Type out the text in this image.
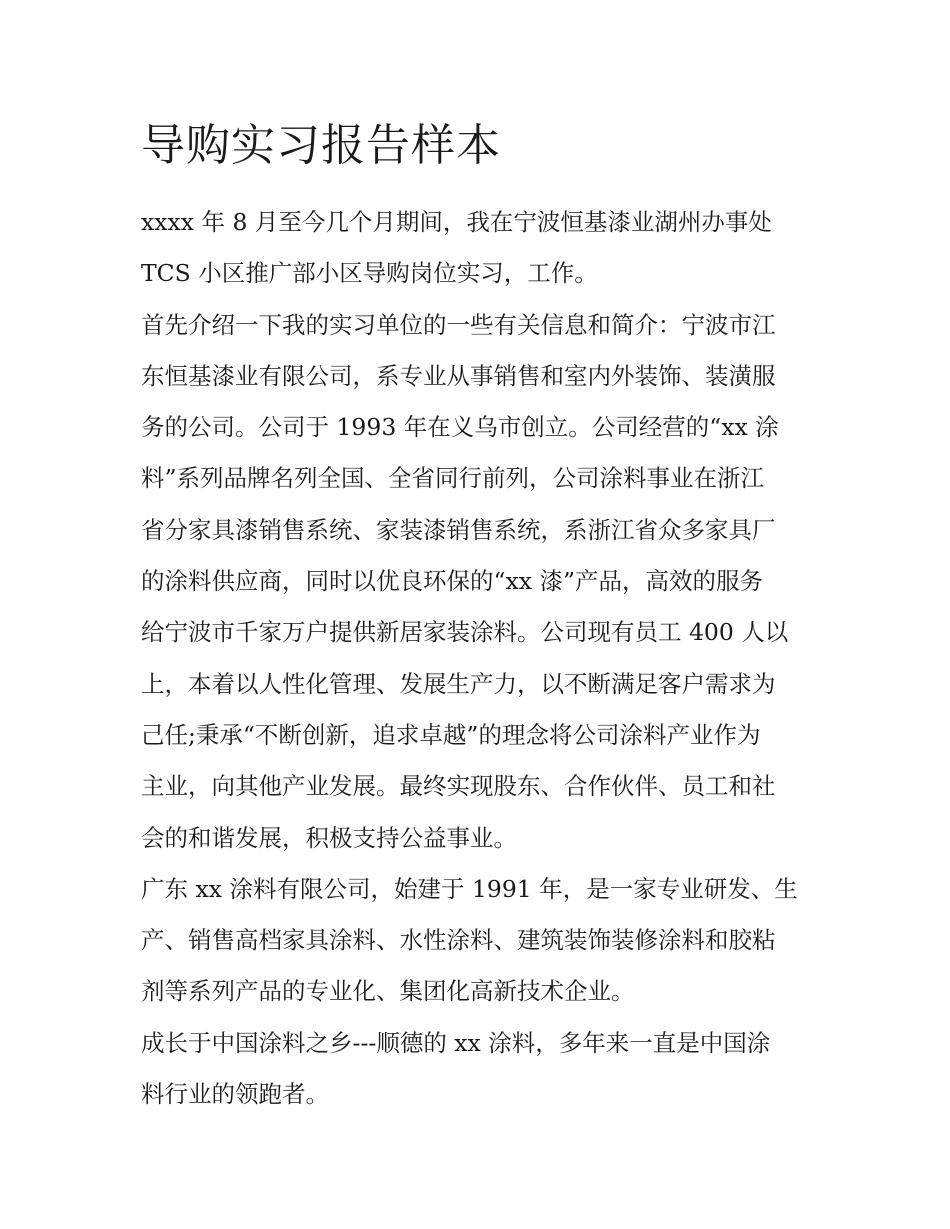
导购实习报告样本
xxxx 年 8 月至今几个月期间，我在宁波恒基漆业湖州办事处
TCS 小区推广部小区导购岗位实习，工作。
首先介绍一下我的实习单位的一些有关信息和简介：宁波市江
东恒基漆业有限公司，系专业从事销售和室内外装饰、装潢服
务的公司。公司于 1993 年在义乌市创立。公司经营的“xx 涂
料”系列品牌名列全国、全省同行前列，公司涂料事业在浙江
省分家具漆销售系统、家装漆销售系统，系浙江省众多家具厂
的涂料供应商，同时以优良环保的“xx 漆”产品，高效的服务
给宁波市千家万户提供新居家装涂料。公司现有员工 400 人以
上，本着以人性化管理、发展生产力，以不断满足客户需求为
己任;秉承“不断创新，追求卓越”的理念将公司涂料产业作为
主业，向其他产业发展。最终实现股东、合作伙伴、员工和社
会的和谐发展，积极支持公益事业。
广东 xx 涂料有限公司，始建于 1991 年，是一家专业研发、生
产、销售高档家具涂料、水性涂料、建筑装饰装修涂料和胶粘
剂等系列产品的专业化、集团化高新技术企业。
成长于中国涂料之乡---顺德的 xx 涂料，多年来一直是中国涂
料行业的领跑者。
